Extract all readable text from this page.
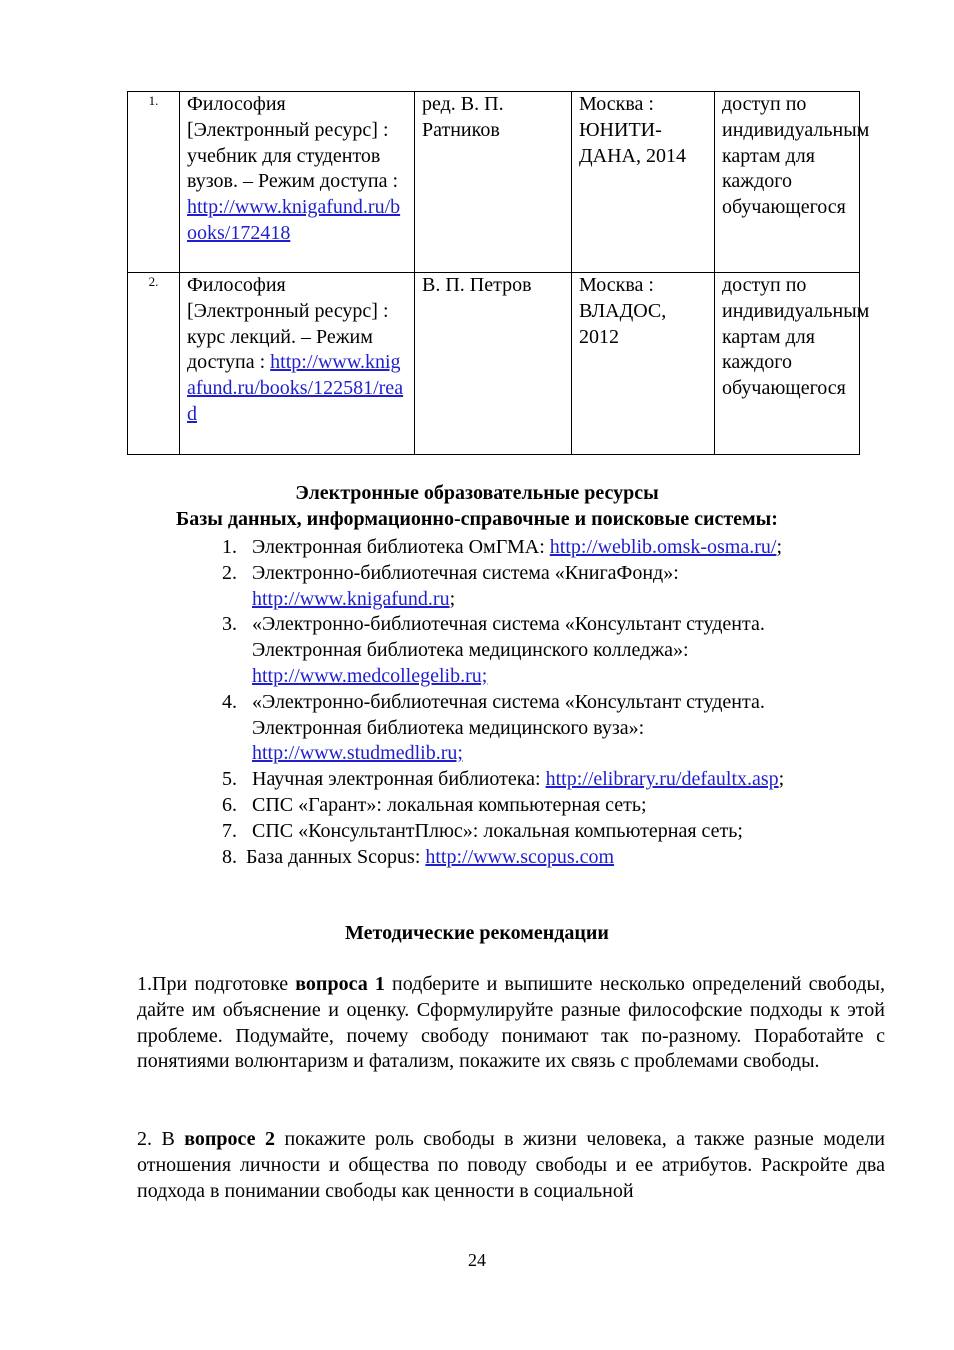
1.	Философия [Электронный ресурс] : учебник для студентов вузов. – Режим доступа : http://www.knigafund.ru/books/172418	ред. В. П. Ратников	Москва : ЮНИТИ-ДАНА, 2014	доступ по индивидуальным картам для каждого обучающегося
2.	Философия [Электронный ресурс] : курс лекций. – Режим доступа : http://www.knigafund.ru/books/122581/read	В. П. Петров	Москва : ВЛАДОС, 2012	доступ по индивидуальным картам для каждого обучающегося
Электронные образовательные ресурсы
Базы данных, информационно-справочные и поисковые системы:
1. Электронная библиотека ОмГМА: http://weblib.omsk-osma.ru/;
2. Электронно-библиотечная система «КнигаФонд»:
http://www.knigafund.ru;
3. «Электронно-библиотечная система «Консультант студента. Электронная библиотека медицинского колледжа»: http://www.medcollegelib.ru;
4. «Электронно-библиотечная система «Консультант студента. Электронная библиотека медицинского вуза»: http://www.studmedlib.ru;
5. Научная электронная библиотека: http://elibrary.ru/defaultx.asp;
6. СПС «Гарант»: локальная компьютерная сеть;
7. СПС «КонсультантПлюс»: локальная компьютерная сеть;
8. База данных Scopus: http://www.scopus.com
Методические рекомендации
1.При подготовке вопроса 1 подберите и выпишите несколько определений свободы, дайте им объяснение и оценку. Сформулируйте разные философские подходы к этой проблеме. Подумайте, почему свободу понимают так по-разному. Поработайте с понятиями волюнтаризм и фатализм, покажите их связь с проблемами свободы.
2. В вопросе 2 покажите роль свободы в жизни человека, а также разные модели отношения личности и общества по поводу свободы и ее атрибутов. Раскройте два подхода в понимании свободы как ценности в социальной
24
